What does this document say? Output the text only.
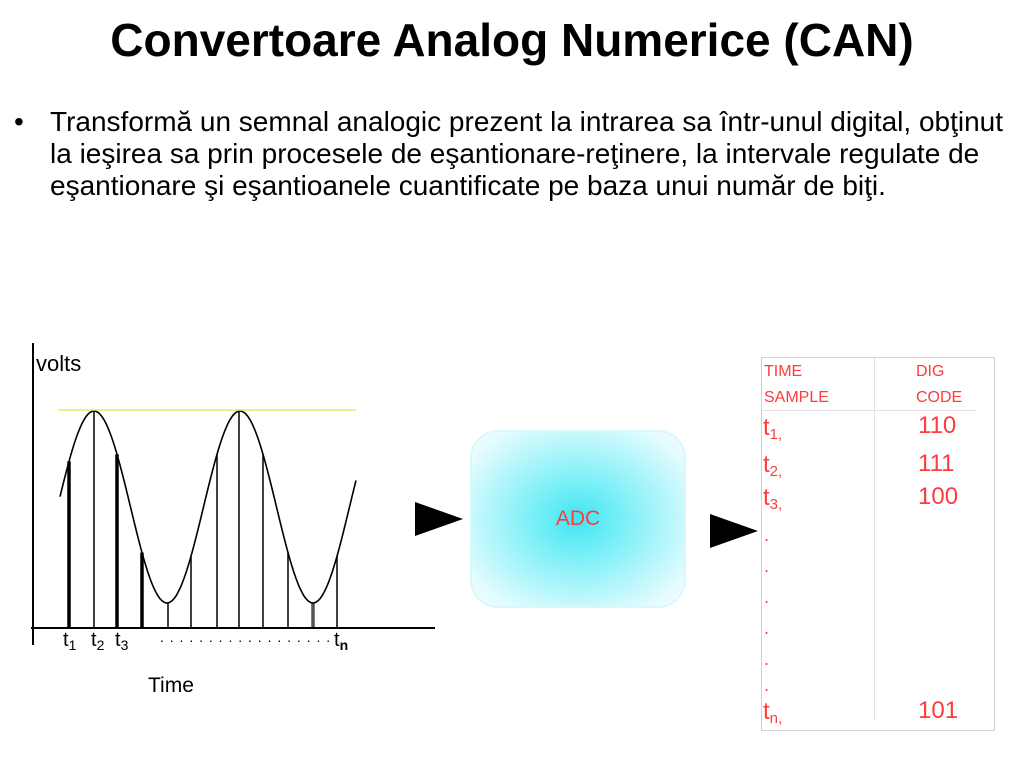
Convertoare Analog Numerice (CAN)
• Transformă un semnal analogic prezent la intrarea sa într-unul digital, obţinut la ieşirea sa prin procesele de eşantionare-reţinere, la intervale regulate de eşantionare şi eşantioanele cuantificate pe baza unui număr de biţi.
volts
$t_1$ $t_2$ $t_3$ . . . . . . . . . . . . . . . . . . $t_n$
Time
ADC
TIME
SAMPLE
DIG
CODE
$t_{1,}$	110
$t_{2,}$	111
$t_{3,}$	100
.
.
.
.
.
.
$t_{n,}$	101
